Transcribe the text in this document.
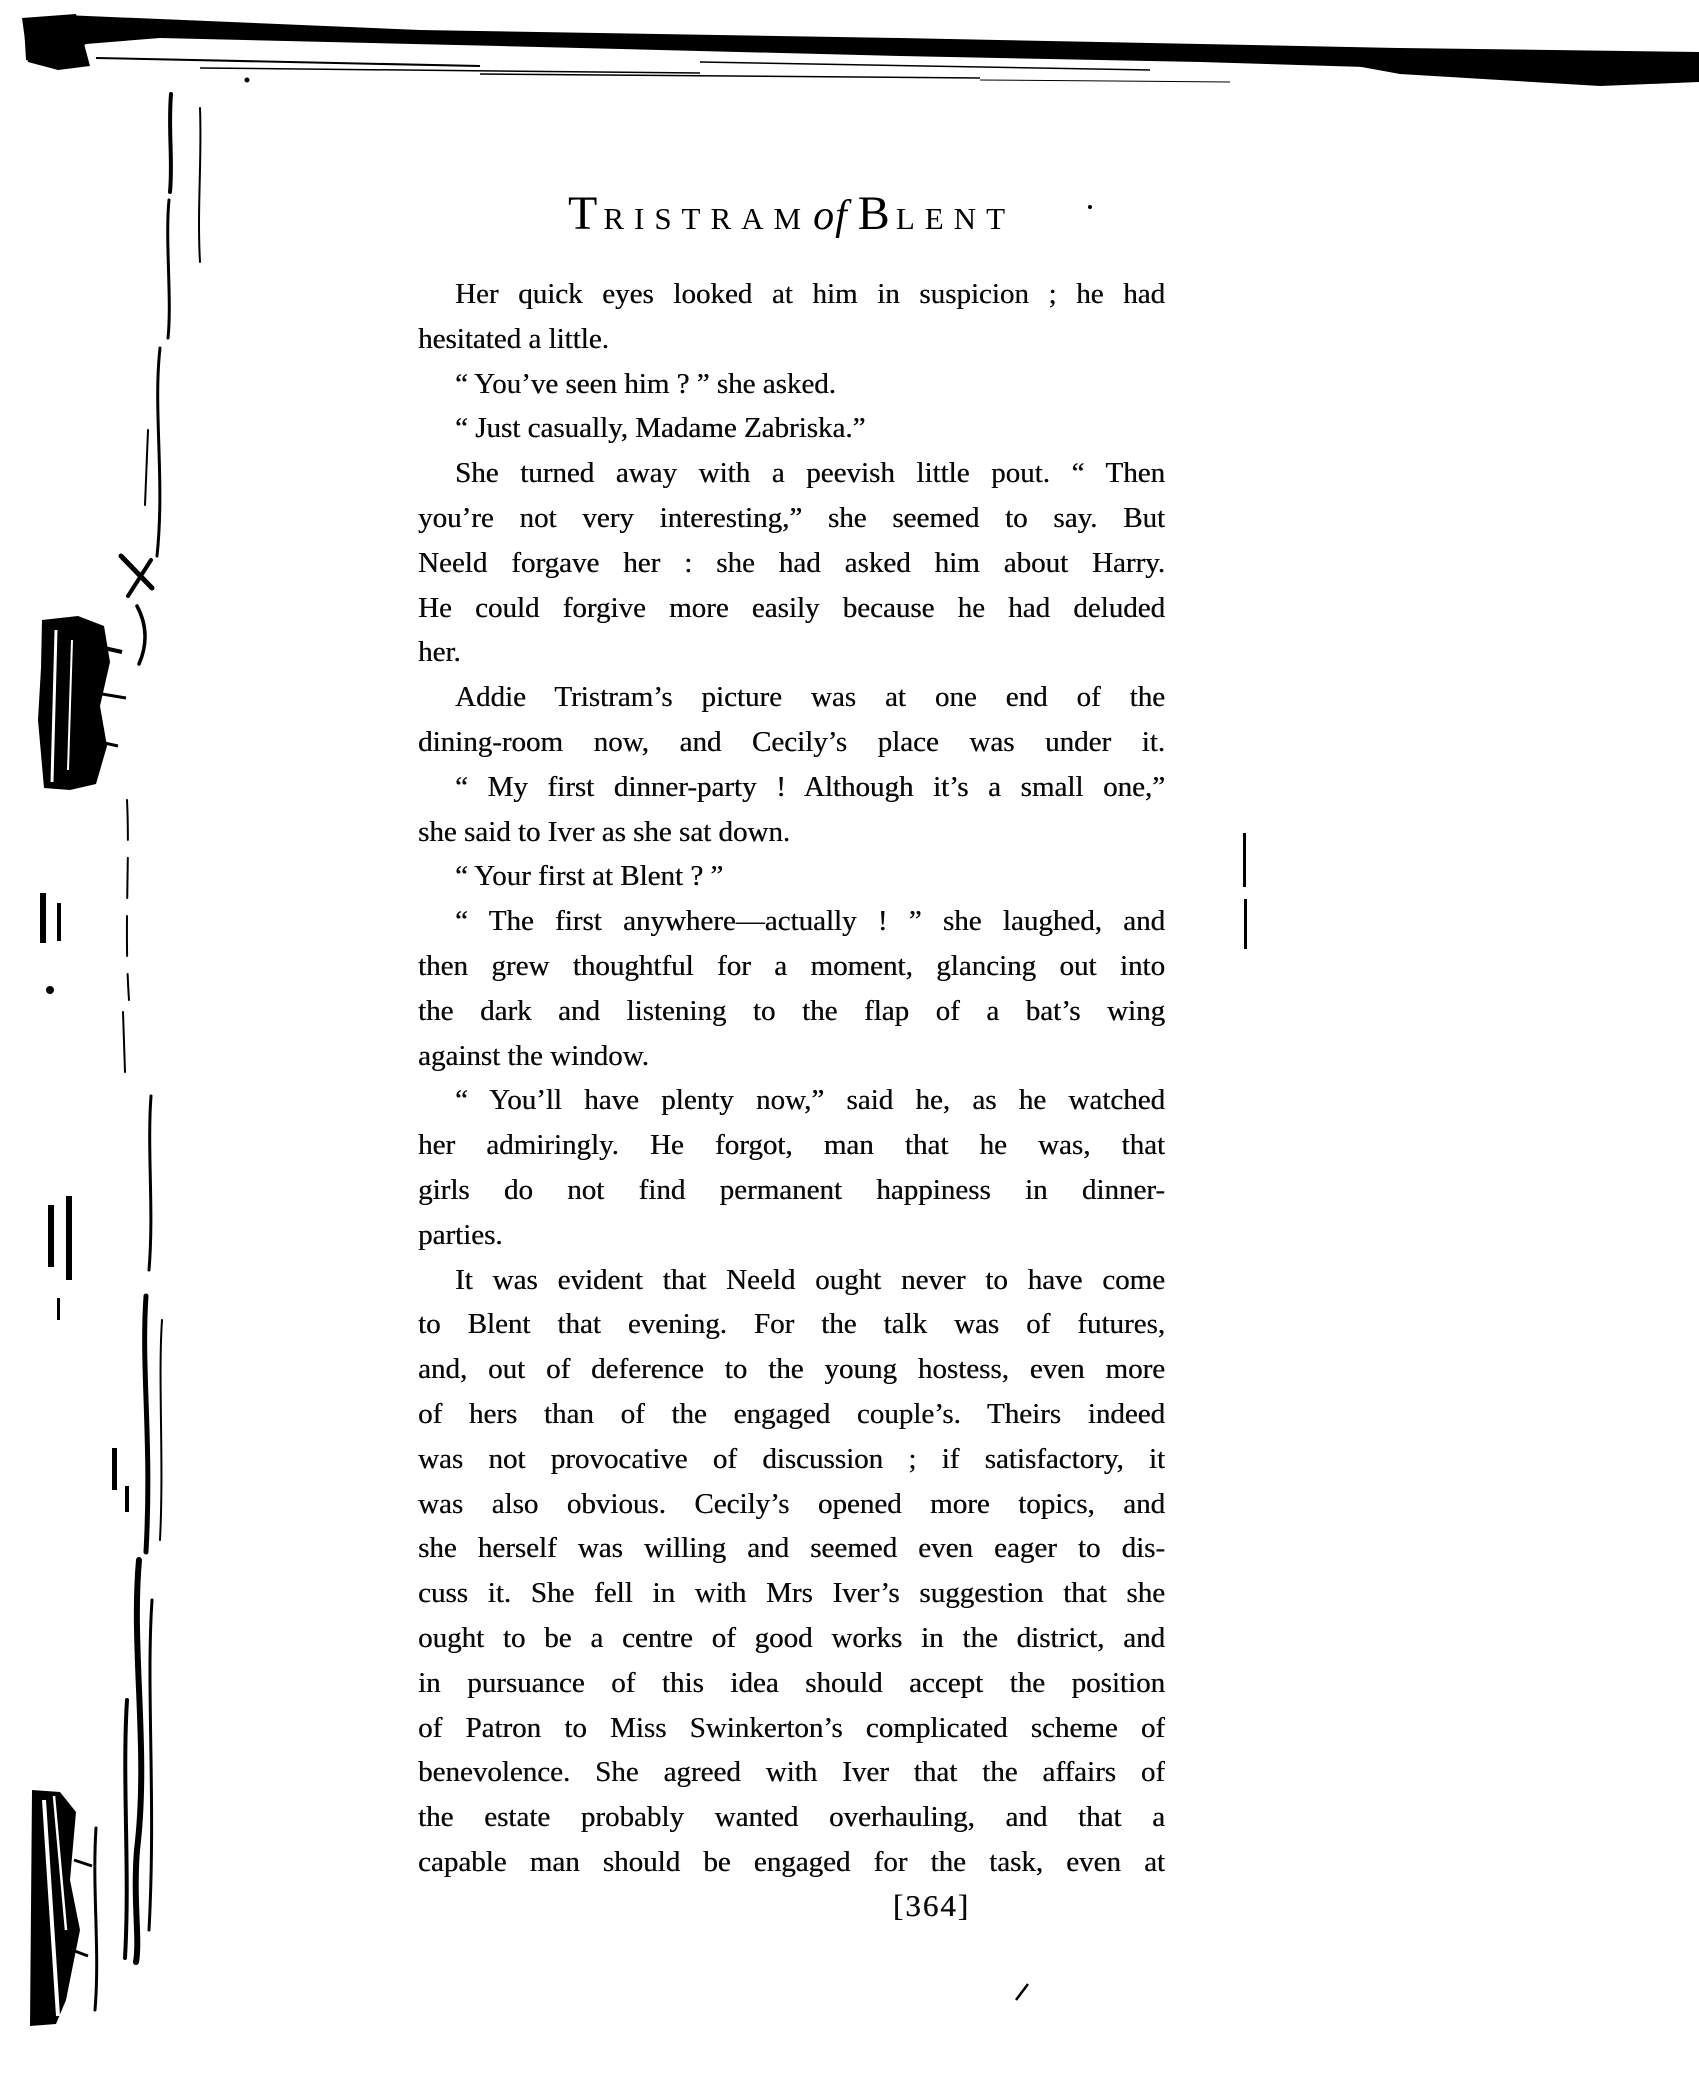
TRISTRAMof BLENT
Her quick eyes looked at him in suspicion ; he had
hesitated a little.
“ You’ve seen him ? ” she asked.
“ Just casually, Madame Zabriska.”
She turned away with a peevish little pout. “ Then
you’re not very interesting,” she seemed to say. But
Neeld forgave her : she had asked him about Harry.
He could forgive more easily because he had deluded
her.
Addie Tristram’s picture was at one end of the
dining-room now, and Cecily’s place was under it.
“ My first dinner-party ! Although it’s a small one,”
she said to Iver as she sat down.
“ Your first at Blent ? ”
“ The first anywhere—actually ! ” she laughed, and
then grew thoughtful for a moment, glancing out into
the dark and listening to the flap of a bat’s wing
against the window.
“ You’ll have plenty now,” said he, as he watched
her admiringly. He forgot, man that he was, that
girls do not find permanent happiness in dinner-
parties.
It was evident that Neeld ought never to have come
to Blent that evening. For the talk was of futures,
and, out of deference to the young hostess, even more
of hers than of the engaged couple’s. Theirs indeed
was not provocative of discussion ; if satisfactory, it
was also obvious. Cecily’s opened more topics, and
she herself was willing and seemed even eager to dis-
cuss it. She fell in with Mrs Iver’s suggestion that she
ought to be a centre of good works in the district, and
in pursuance of this idea should accept the position
of Patron to Miss Swinkerton’s complicated scheme of
benevolence. She agreed with Iver that the affairs of
the estate probably wanted overhauling, and that a
capable man should be engaged for the task, even at
[364]
